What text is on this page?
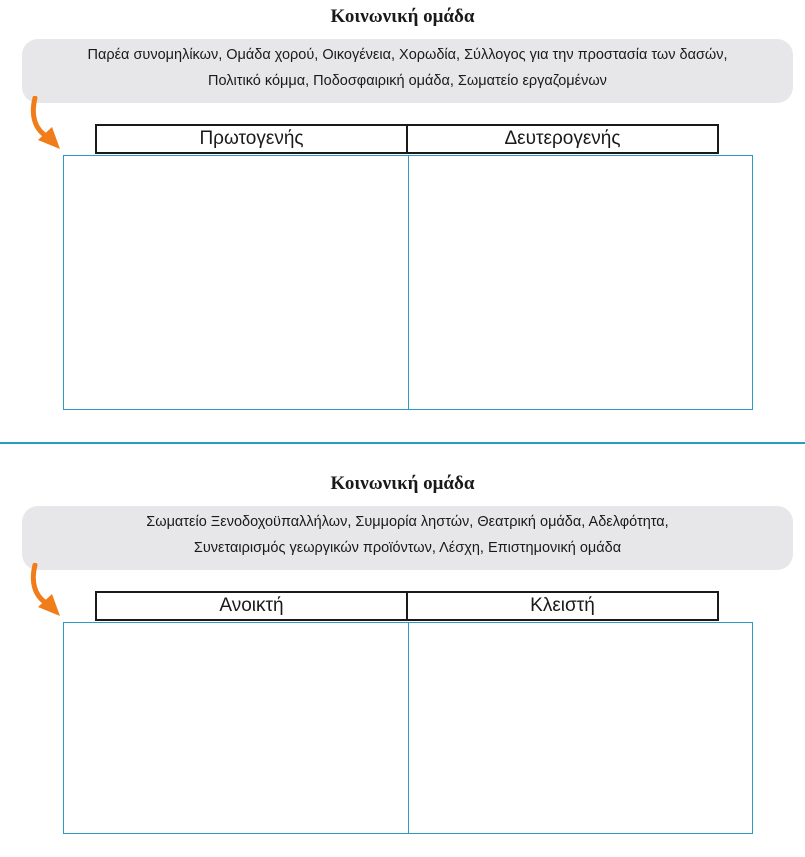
Κοινωνική ομάδα
Παρέα συνομηλίκων, Ομάδα χορού, Οικογένεια, Χορωδία, Σύλλογος για την προστασία των δασών,
Πολιτικό κόμμα, Ποδοσφαιρική ομάδα, Σωματείο εργαζομένων
Πρωτογενής	Δευτερογενής
Κοινωνική ομάδα
Σωματείο Ξενοδοχοϋπαλλήλων, Συμμορία ληστών, Θεατρική ομάδα, Αδελφότητα,
Συνεταιρισμός γεωργικών προϊόντων, Λέσχη, Επιστημονική ομάδα
Ανοικτή	Κλειστή
